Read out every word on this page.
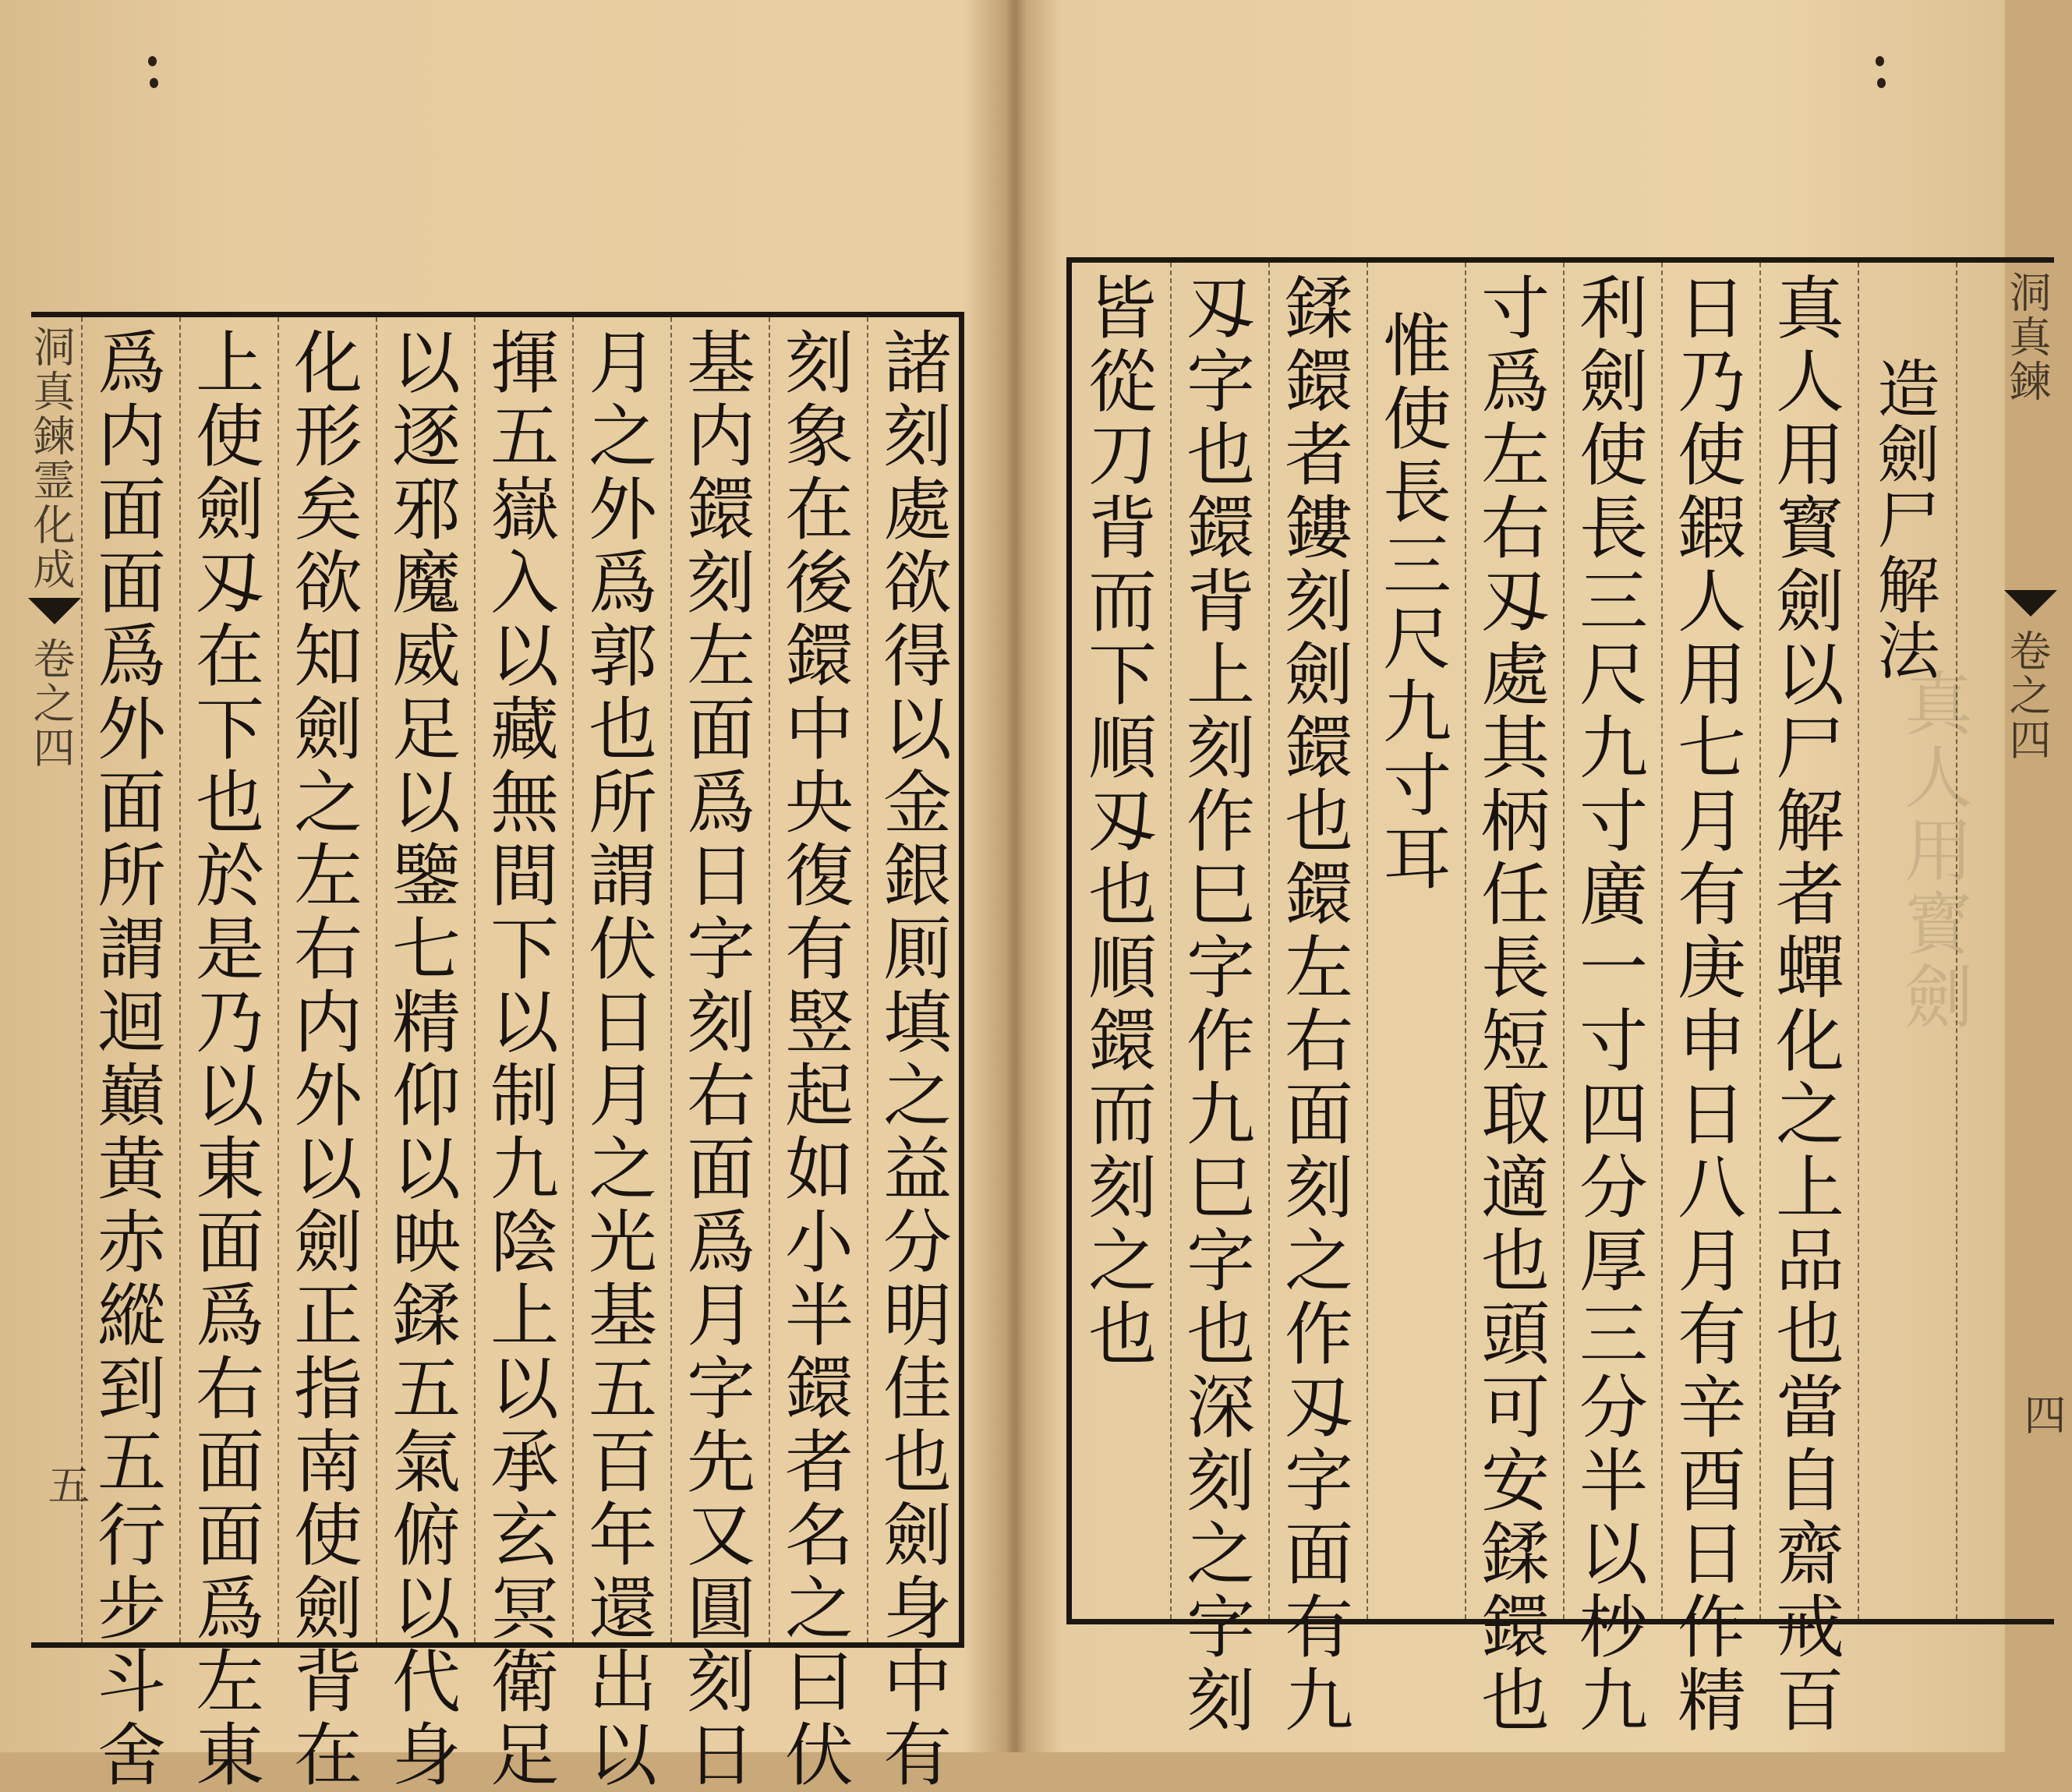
洞真鍊霊化成
卷之四
五	諸刻處欲得以金銀厠填之益分明佳也劍身中有
刻象在後鐶中央復有竪起如小半鐶者名之曰伏
基内鐶刻左面爲日字刻右面爲月字先又圓刻日
月之外爲郭也所謂伏日月之光基五百年還出以
揮五嶽入以藏無間下以制九陰上以承玄冥衛足
以逐邪魔威足以鑒七精仰以映鍒五氣俯以代身
化形矣欲知劍之左右内外以劍正指南使劍背在
上使劍刄在下也於是乃以東面爲右面面爲左東
爲内面面爲外面所謂迴巔黄赤縱到五行步斗舍	真人用寳劍
造劍尸解法
真人用寳劍以尸解者蟬化之上品也當自齋戒百
日乃使鍜人用七月有庚申日八月有辛酉日作精
利劍使長三尺九寸廣一寸四分厚三分半以杪九
寸爲左右刄處其柄任長短取適也頭可安鍒鐶也
惟使長三尺九寸耳
鍒鐶者鏤刻劍鐶也鐶左右面刻之作刄字面有九
刄字也鐶背上刻作巳字作九巳字也深刻之字刻
皆從刀背而下順刄也順鐶而刻之也	洞真鍊
卷之四
四
